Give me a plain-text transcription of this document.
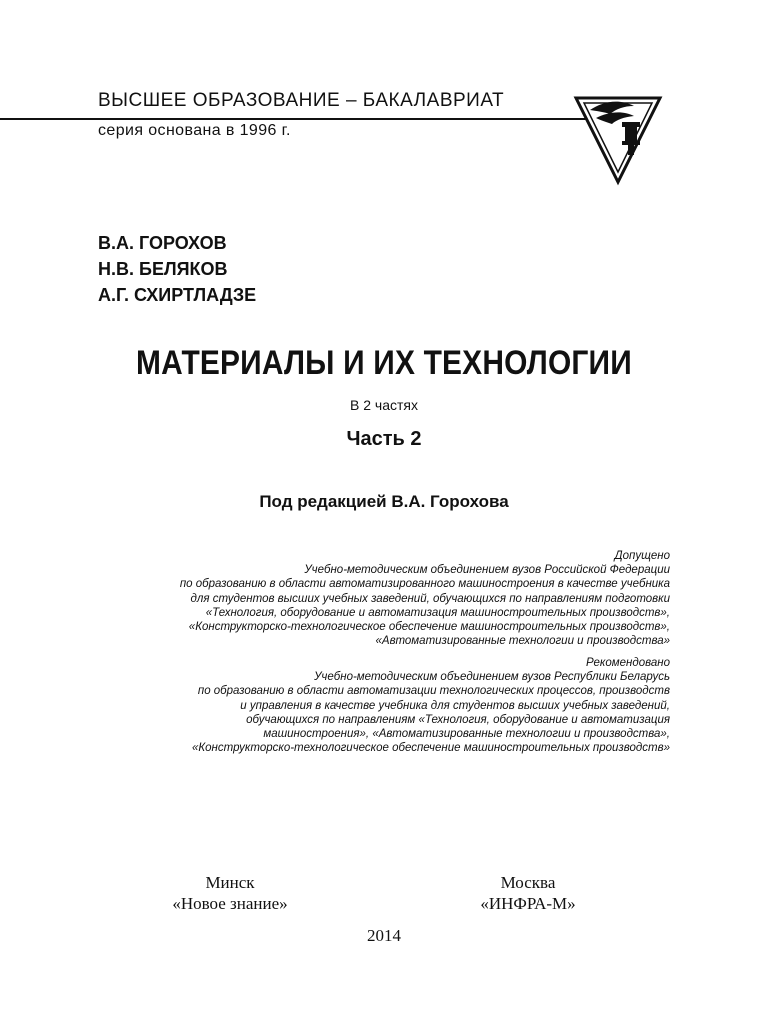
ВЫСШЕЕ ОБРАЗОВАНИЕ – БАКАЛАВРИАТ
серия основана в 1996 г.
В.А. ГОРОХОВ
Н.В. БЕЛЯКОВ
А.Г. СХИРТЛАДЗЕ
МАТЕРИАЛЫ И ИХ ТЕХНОЛОГИИ
В 2 частях
Часть 2
Под редакцией В.А. Горохова
Допущено
Учебно-методическим объединением вузов Российской Федерации
по образованию в области автоматизированного машиностроения в качестве учебника
для студентов высших учебных заведений, обучающихся по направлениям подготовки
«Технология, оборудование и автоматизация машиностроительных производств»,
«Конструкторско-технологическое обеспечение машиностроительных производств»,
«Автоматизированные технологии и производства»
Рекомендовано
Учебно-методическим объединением вузов Республики Беларусь
по образованию в области автоматизации технологических процессов, производств
и управления в качестве учебника для студентов высших учебных заведений,
обучающихся по направлениям «Технология, оборудование и автоматизация
машиностроения», «Автоматизированные технологии и производства»,
«Конструкторско-технологическое обеспечение машиностроительных производств»
Минск
«Новое знание»
Москва
«ИНФРА-М»
2014
